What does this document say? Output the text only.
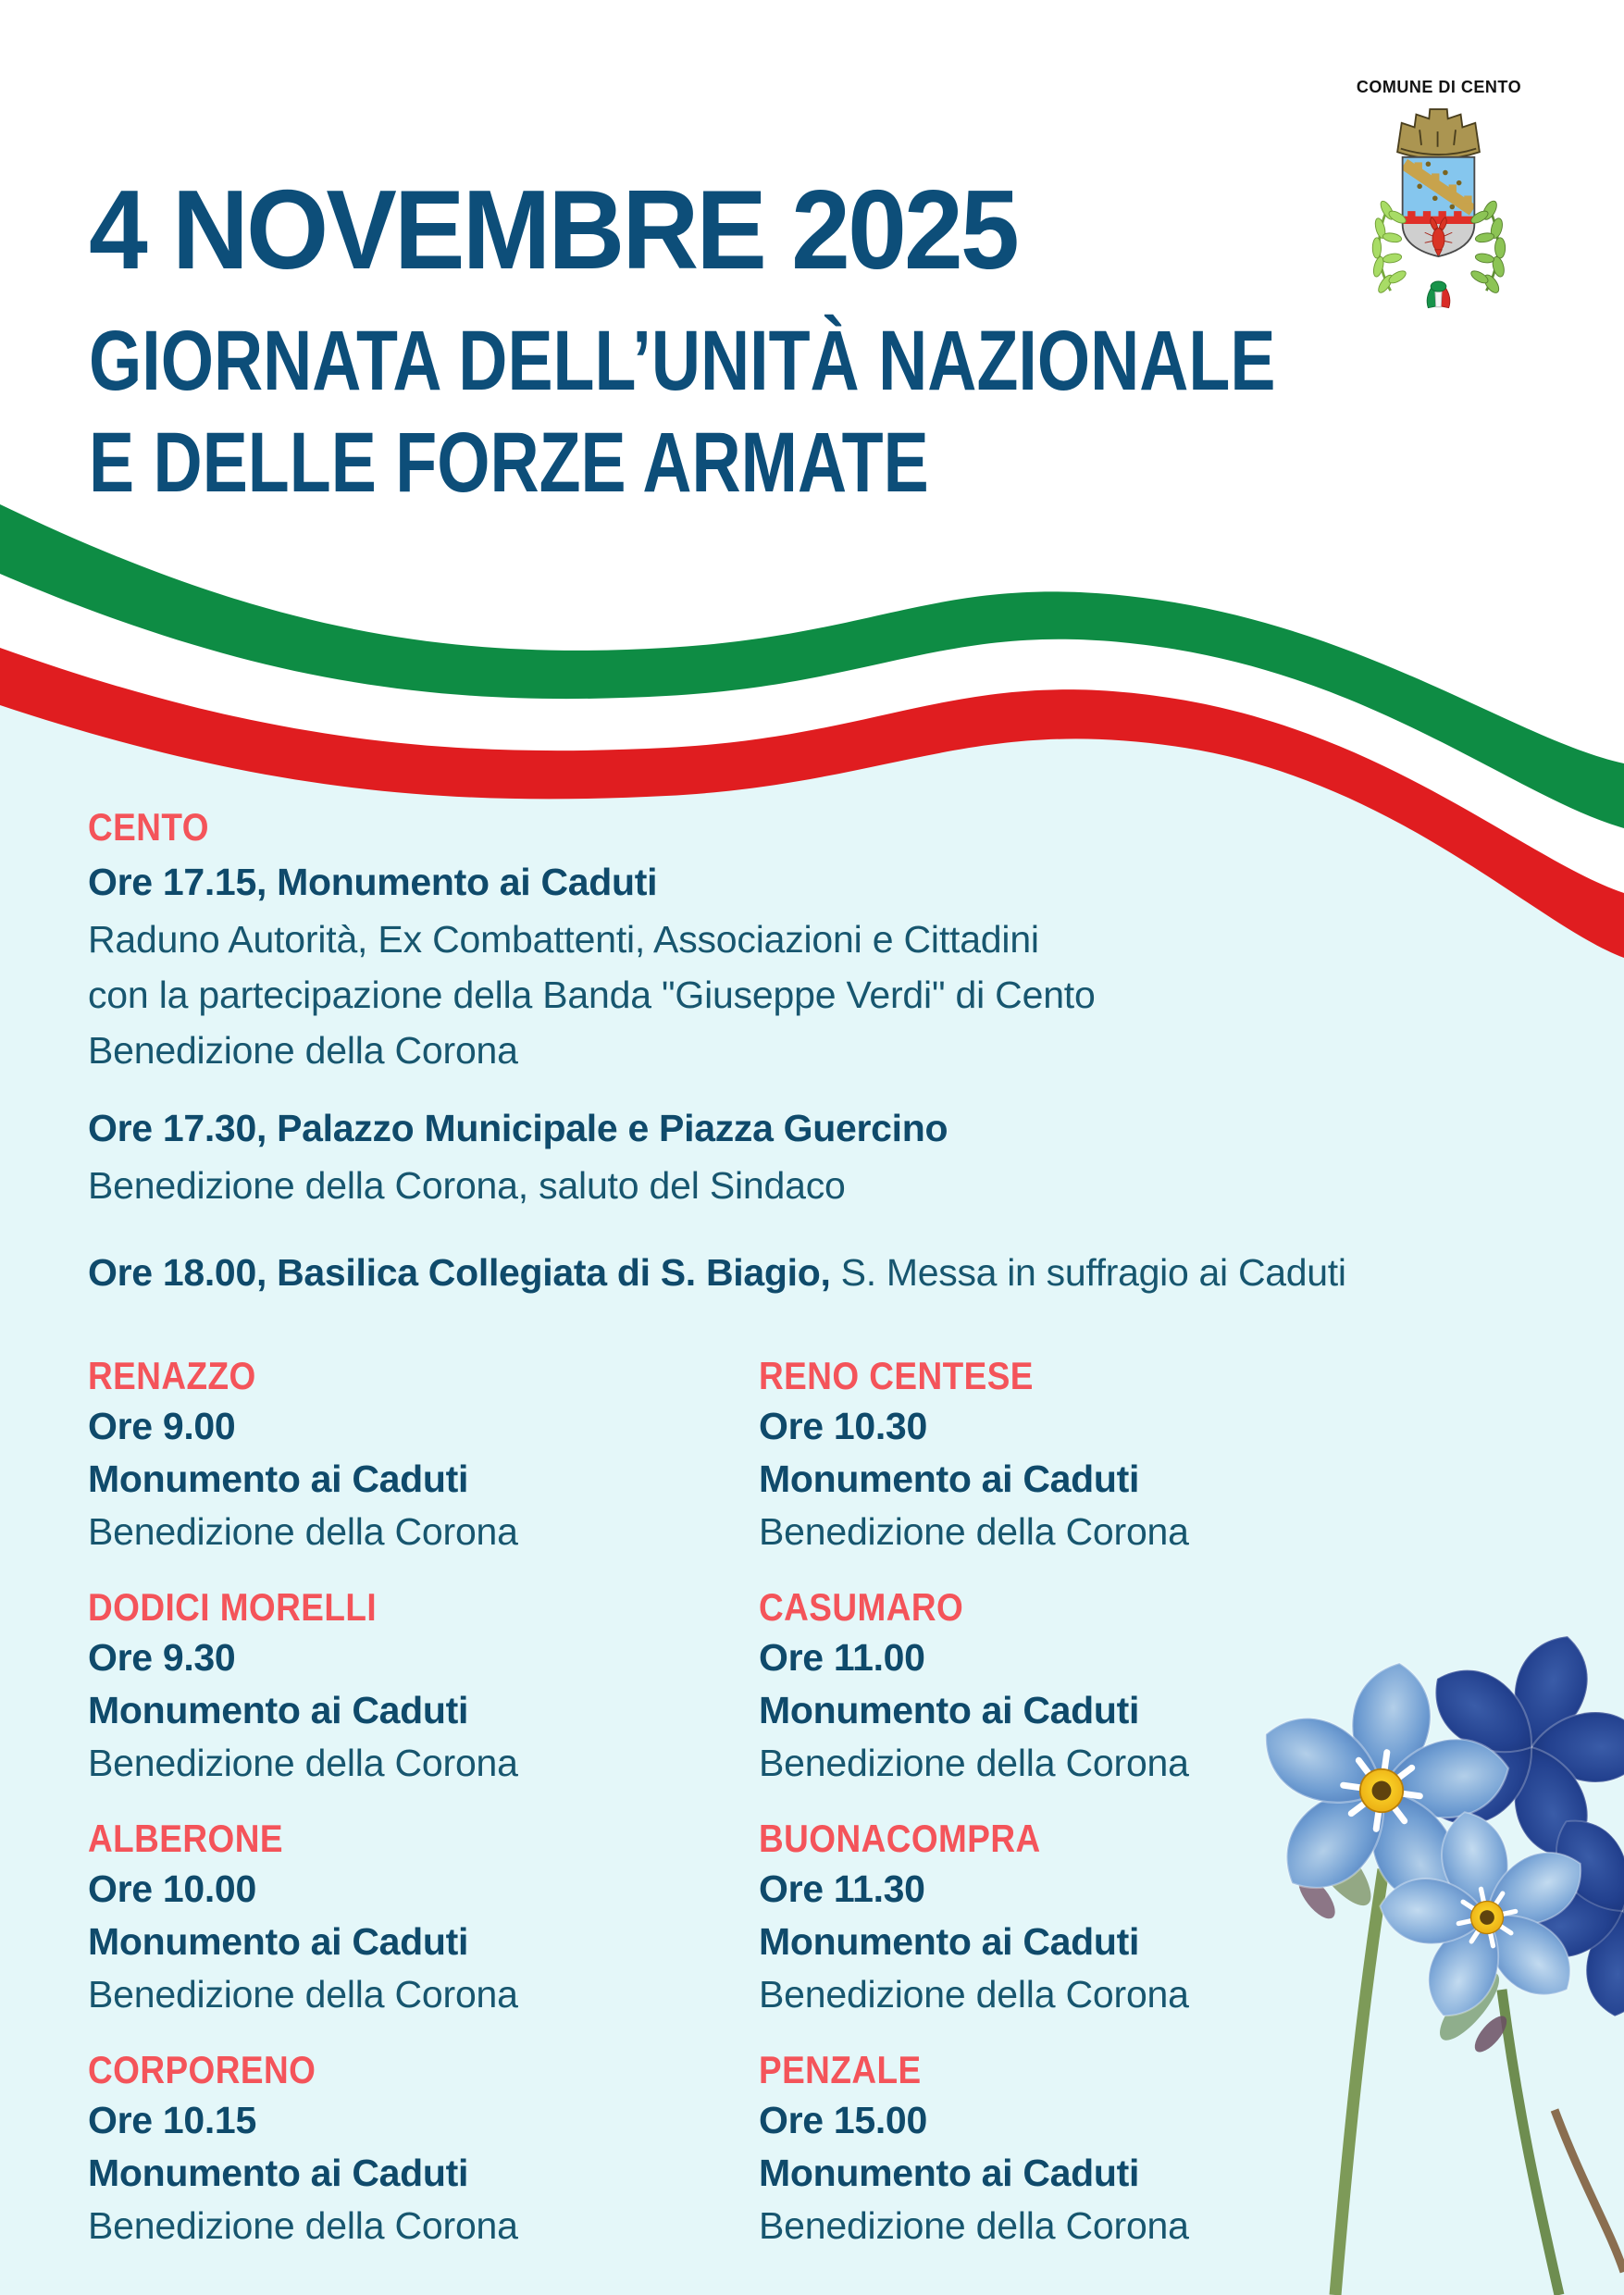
COMUNE DI CENTO
4 NOVEMBRE 2025
GIORNATA DELL’UNITÀ NAZIONALE
E DELLE FORZE ARMATE
CENTO
Ore 17.15, Monumento ai Caduti
Raduno Autorità, Ex Combattenti, Associazioni e Cittadini
con la partecipazione della Banda "Giuseppe Verdi" di Cento
Benedizione della Corona
Ore 17.30, Palazzo Municipale e Piazza Guercino
Benedizione della Corona, saluto del Sindaco
Ore 18.00, Basilica Collegiata di S. Biagio, S. Messa in suffragio ai Caduti
RENAZZO
Ore 9.00
Monumento ai Caduti
Benedizione della Corona
RENO CENTESE
Ore 10.30
Monumento ai Caduti
Benedizione della Corona
DODICI MORELLI
Ore 9.30
Monumento ai Caduti
Benedizione della Corona
CASUMARO
Ore 11.00
Monumento ai Caduti
Benedizione della Corona
ALBERONE
Ore 10.00
Monumento ai Caduti
Benedizione della Corona
BUONACOMPRA
Ore 11.30
Monumento ai Caduti
Benedizione della Corona
CORPORENO
Ore 10.15
Monumento ai Caduti
Benedizione della Corona
PENZALE
Ore 15.00
Monumento ai Caduti
Benedizione della Corona
